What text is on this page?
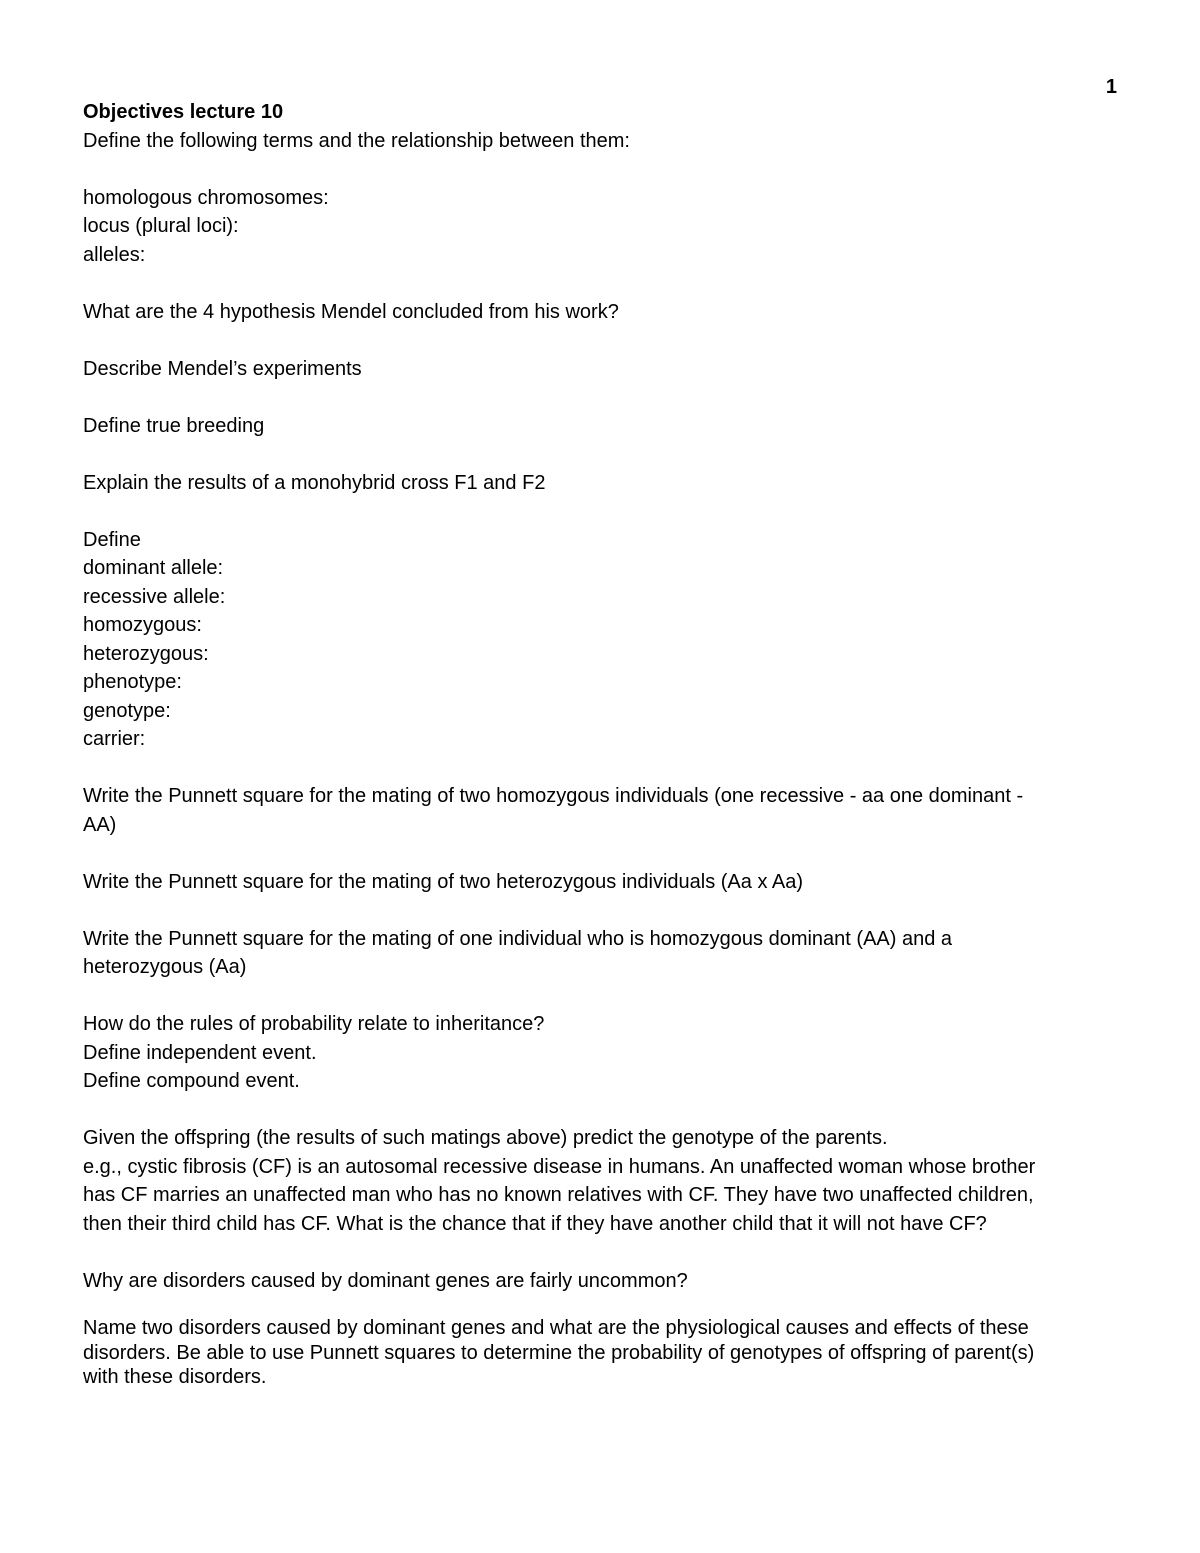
1
Objectives lecture 10
Define the following terms and the relationship between them:
homologous chromosomes:
locus (plural loci):
alleles:
What are the 4 hypothesis Mendel concluded from his work?
Describe Mendel’s experiments
Define true breeding
Explain the results of a monohybrid cross F1 and F2
Define
dominant allele:
recessive allele:
homozygous:
heterozygous:
phenotype:
genotype:
carrier:
Write the Punnett square for the mating of two homozygous individuals (one recessive - aa one dominant -
AA)
Write the Punnett square for the mating of two heterozygous individuals (Aa x Aa)
Write the Punnett square for the mating of one individual who is homozygous dominant (AA) and a
heterozygous (Aa)
How do the rules of probability relate to inheritance?
Define independent event.
Define compound event.
Given the offspring (the results of such matings above) predict the genotype of the parents.
e.g., cystic fibrosis (CF) is an autosomal recessive disease in humans. An unaffected woman whose brother
has CF marries an unaffected man who has no known relatives with CF. They have two unaffected children,
then their third child has CF. What is the chance that if they have another child that it will not have CF?
Why are disorders caused by dominant genes are fairly uncommon?
Name two disorders caused by dominant genes and what are the physiological causes and effects of these
disorders. Be able to use Punnett squares to determine the probability of genotypes of offspring of parent(s)
with these disorders.
